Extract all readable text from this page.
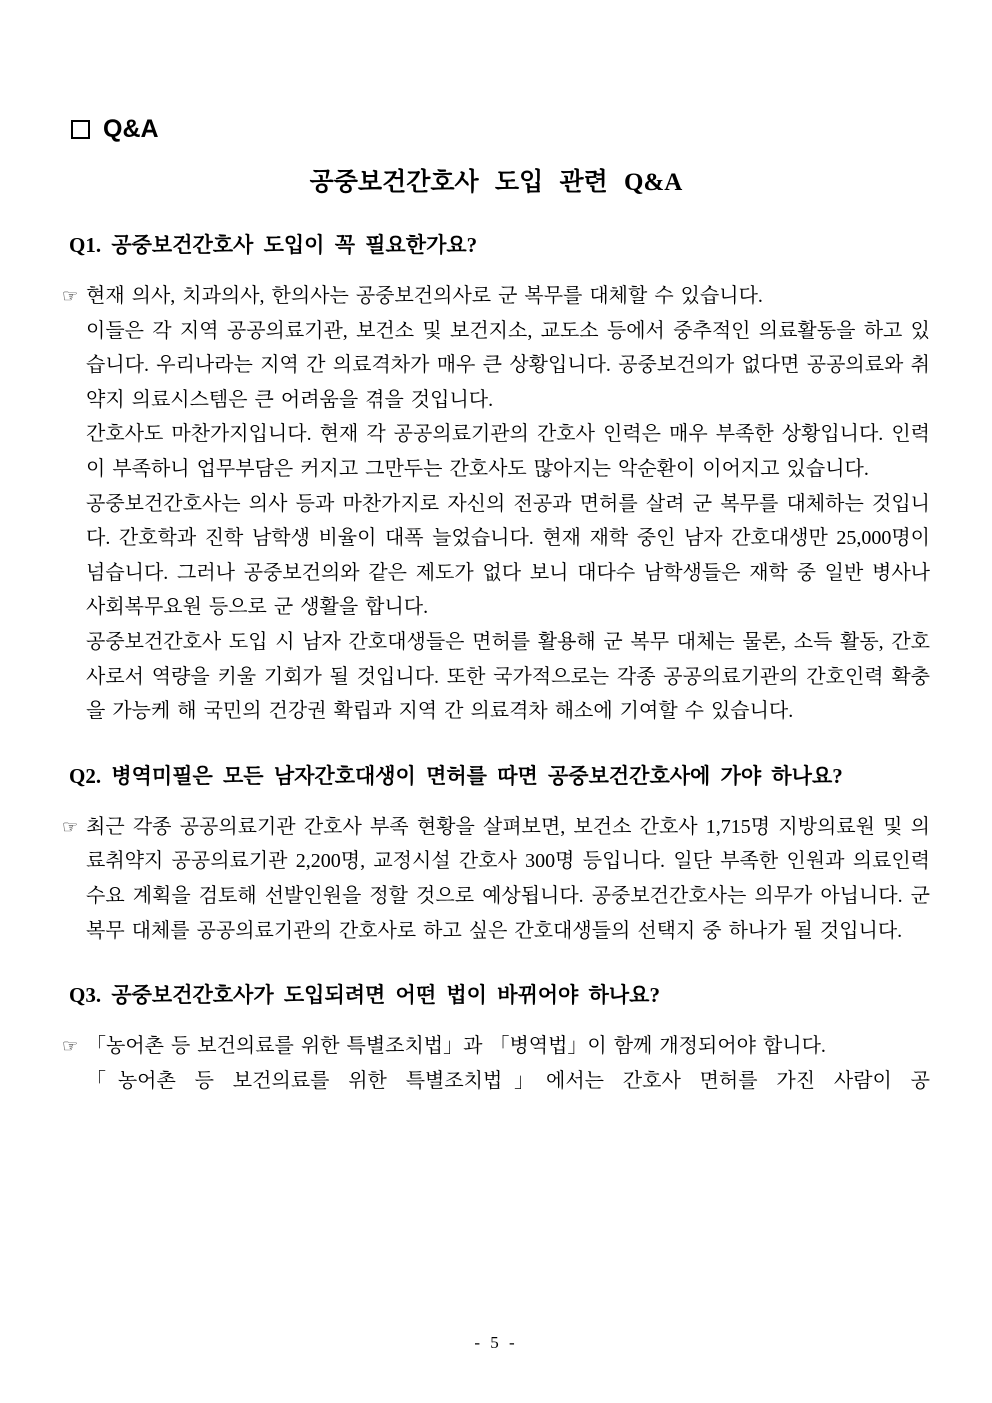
Q&A
공중보건간호사 도입 관련 Q&A
Q1. 공중보건간호사 도입이 꼭 필요한가요?
☞ 현재 의사, 치과의사, 한의사는 공중보건의사로 군 복무를 대체할 수 있습니다.

이들은 각 지역 공공의료기관, 보건소 및 보건지소, 교도소 등에서 중추적인 의료활동을 하고 있습니다. 우리나라는 지역 간 의료격차가 매우 큰 상황입니다. 공중보건의가 없다면 공공의료와 취약지 의료시스템은 큰 어려움을 겪을 것입니다.

간호사도 마찬가지입니다. 현재 각 공공의료기관의 간호사 인력은 매우 부족한 상황입니다. 인력이 부족하니 업무부담은 커지고 그만두는 간호사도 많아지는 악순환이 이어지고 있습니다.

공중보건간호사는 의사 등과 마찬가지로 자신의 전공과 면허를 살려 군 복무를 대체하는 것입니다. 간호학과 진학 남학생 비율이 대폭 늘었습니다. 현재 재학 중인 남자 간호대생만 25,000명이 넘습니다. 그러나 공중보건의와 같은 제도가 없다 보니 대다수 남학생들은 재학 중 일반 병사나 사회복무요원 등으로 군 생활을 합니다.

공중보건간호사 도입 시 남자 간호대생들은 면허를 활용해 군 복무 대체는 물론, 소득 활동, 간호사로서 역량을 키울 기회가 될 것입니다. 또한 국가적으로는 각종 공공의료기관의 간호인력 확충을 가능케 해 국민의 건강권 확립과 지역 간 의료격차 해소에 기여할 수 있습니다.

Q2. 병역미필은 모든 남자간호대생이 면허를 따면 공중보건간호사에 가야 하나요?
☞ 최근 각종 공공의료기관 간호사 부족 현황을 살펴보면, 보건소 간호사 1,715명 지방의료원 및 의료취약지 공공의료기관 2,200명, 교정시설 간호사 300명 등입니다. 일단 부족한 인원과 의료인력 수요 계획을 검토해 선발인원을 정할 것으로 예상됩니다. 공중보건간호사는 의무가 아닙니다. 군 복무 대체를 공공의료기관의 간호사로 하고 싶은 간호대생들의 선택지 중 하나가 될 것입니다.

Q3. 공중보건간호사가 도입되려면 어떤 법이 바뀌어야 하나요?
☞ 「농어촌 등 보건의료를 위한 특별조치법」과 「병역법」이 함께 개정되어야 합니다.

「농어촌 등 보건의료를 위한 특별조치법」에서는 간호사 면허를 가진 사람이 공

- 5 -
